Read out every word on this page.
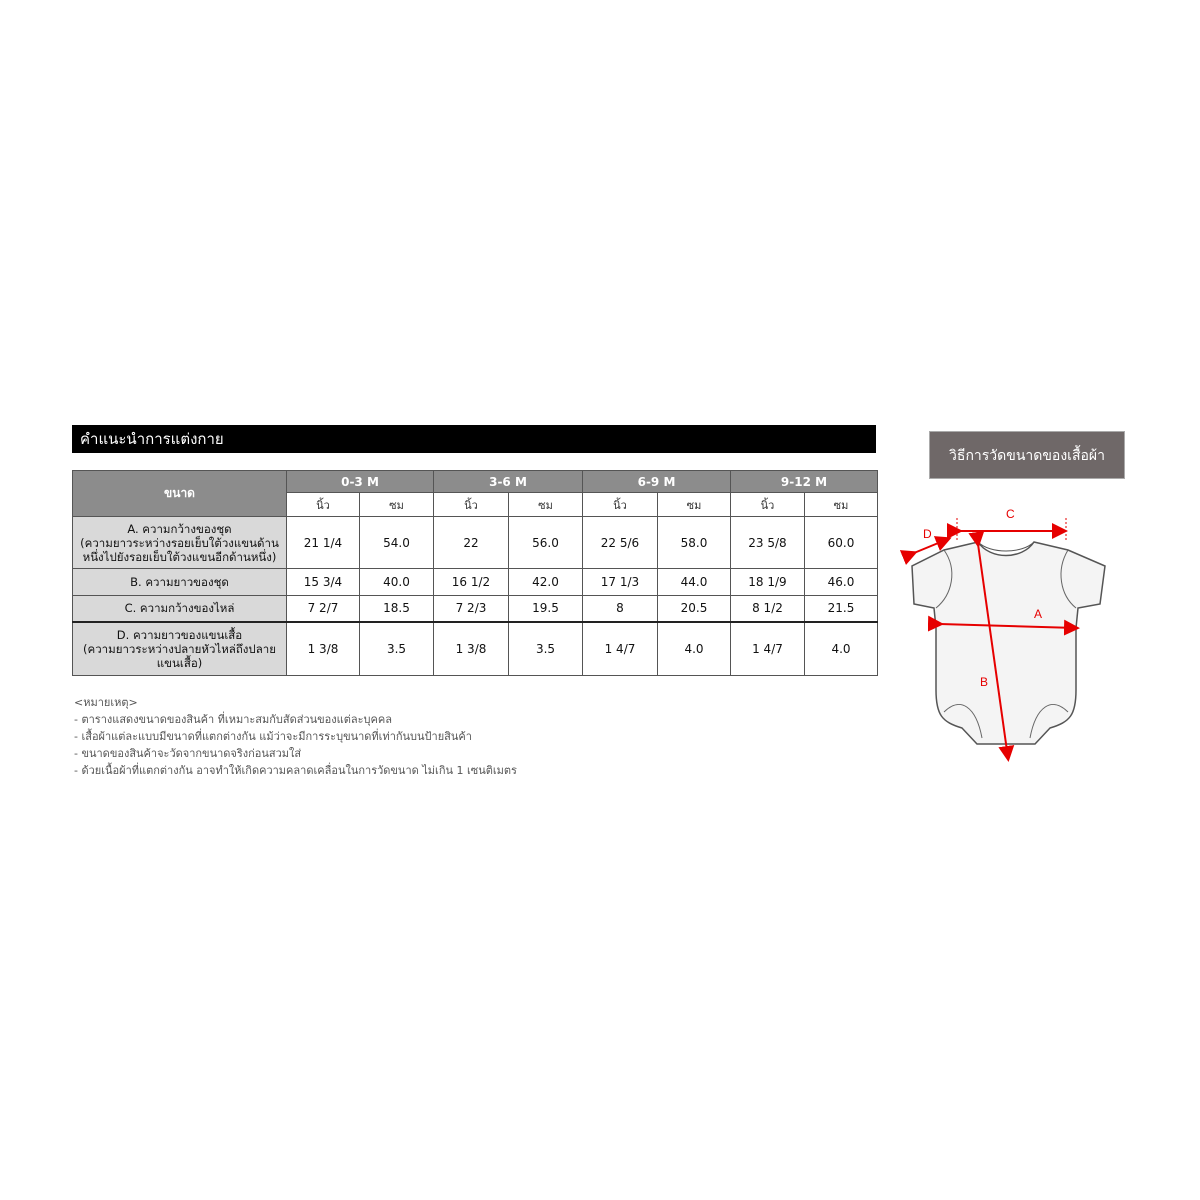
คำแนะนำการแต่งกาย
ขนาด	0-3 M		3-6 M		6-9 M		9-12 M	
	นิ้ว	ซม	นิ้ว	ซม	นิ้ว	ซม	นิ้ว	ซม

A. ความกว้างของชุด
(ความยาวระหว่างรอยเย็บใต้วงแขนด้าน
หนึ่งไปยังรอยเย็บใต้วงแขนอีกด้านหนึ่ง)	21 1/4	54.0	22	56.0	22 5/6	58.0	23 5/8	60.0
B. ความยาวของชุด	15 3/4	40.0	16 1/2	42.0	17 1/3	44.0	18 1/9	46.0
C. ความกว้างของไหล่	7 2/7	18.5	7 2/3	19.5	8	20.5	8 1/2	21.5

D. ความยาวของแขนเสื้อ
(ความยาวระหว่างปลายหัวไหล่ถึงปลาย
แขนเสื้อ)	1 3/8	3.5	1 3/8	3.5	1 4/7	4.0	1 4/7	4.0
<หมายเหตุ>
- ตารางแสดงขนาดของสินค้า ที่เหมาะสมกับสัดส่วนของแต่ละบุคคล
- เสื้อผ้าแต่ละแบบมีขนาดที่แตกต่างกัน แม้ว่าจะมีการระบุขนาดที่เท่ากันบนป้ายสินค้า
- ขนาดของสินค้าจะวัดจากขนาดจริงก่อนสวมใส่
- ด้วยเนื้อผ้าที่แตกต่างกัน อาจทำให้เกิดความคลาดเคลื่อนในการวัดขนาด ไม่เกิน 1 เซนติเมตร
วิธีการวัดขนาดของเสื้อผ้า
C
D
A
B
